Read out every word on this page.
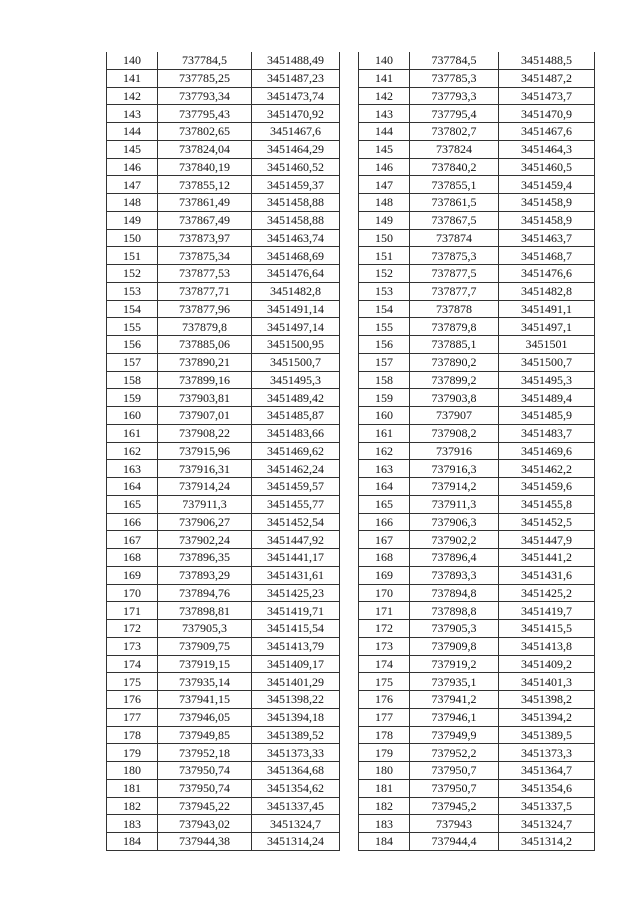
140	737784,5	3451488,49
141	737785,25	3451487,23
142	737793,34	3451473,74
143	737795,43	3451470,92
144	737802,65	3451467,6
145	737824,04	3451464,29
146	737840,19	3451460,52
147	737855,12	3451459,37
148	737861,49	3451458,88
149	737867,49	3451458,88
150	737873,97	3451463,74
151	737875,34	3451468,69
152	737877,53	3451476,64
153	737877,71	3451482,8
154	737877,96	3451491,14
155	737879,8	3451497,14
156	737885,06	3451500,95
157	737890,21	3451500,7
158	737899,16	3451495,3
159	737903,81	3451489,42
160	737907,01	3451485,87
161	737908,22	3451483,66
162	737915,96	3451469,62
163	737916,31	3451462,24
164	737914,24	3451459,57
165	737911,3	3451455,77
166	737906,27	3451452,54
167	737902,24	3451447,92
168	737896,35	3451441,17
169	737893,29	3451431,61
170	737894,76	3451425,23
171	737898,81	3451419,71
172	737905,3	3451415,54
173	737909,75	3451413,79
174	737919,15	3451409,17
175	737935,14	3451401,29
176	737941,15	3451398,22
177	737946,05	3451394,18
178	737949,85	3451389,52
179	737952,18	3451373,33
180	737950,74	3451364,68
181	737950,74	3451354,62
182	737945,22	3451337,45
183	737943,02	3451324,7
184	737944,38	3451314,24
140	737784,5	3451488,5
141	737785,3	3451487,2
142	737793,3	3451473,7
143	737795,4	3451470,9
144	737802,7	3451467,6
145	737824	3451464,3
146	737840,2	3451460,5
147	737855,1	3451459,4
148	737861,5	3451458,9
149	737867,5	3451458,9
150	737874	3451463,7
151	737875,3	3451468,7
152	737877,5	3451476,6
153	737877,7	3451482,8
154	737878	3451491,1
155	737879,8	3451497,1
156	737885,1	3451501
157	737890,2	3451500,7
158	737899,2	3451495,3
159	737903,8	3451489,4
160	737907	3451485,9
161	737908,2	3451483,7
162	737916	3451469,6
163	737916,3	3451462,2
164	737914,2	3451459,6
165	737911,3	3451455,8
166	737906,3	3451452,5
167	737902,2	3451447,9
168	737896,4	3451441,2
169	737893,3	3451431,6
170	737894,8	3451425,2
171	737898,8	3451419,7
172	737905,3	3451415,5
173	737909,8	3451413,8
174	737919,2	3451409,2
175	737935,1	3451401,3
176	737941,2	3451398,2
177	737946,1	3451394,2
178	737949,9	3451389,5
179	737952,2	3451373,3
180	737950,7	3451364,7
181	737950,7	3451354,6
182	737945,2	3451337,5
183	737943	3451324,7
184	737944,4	3451314,2
